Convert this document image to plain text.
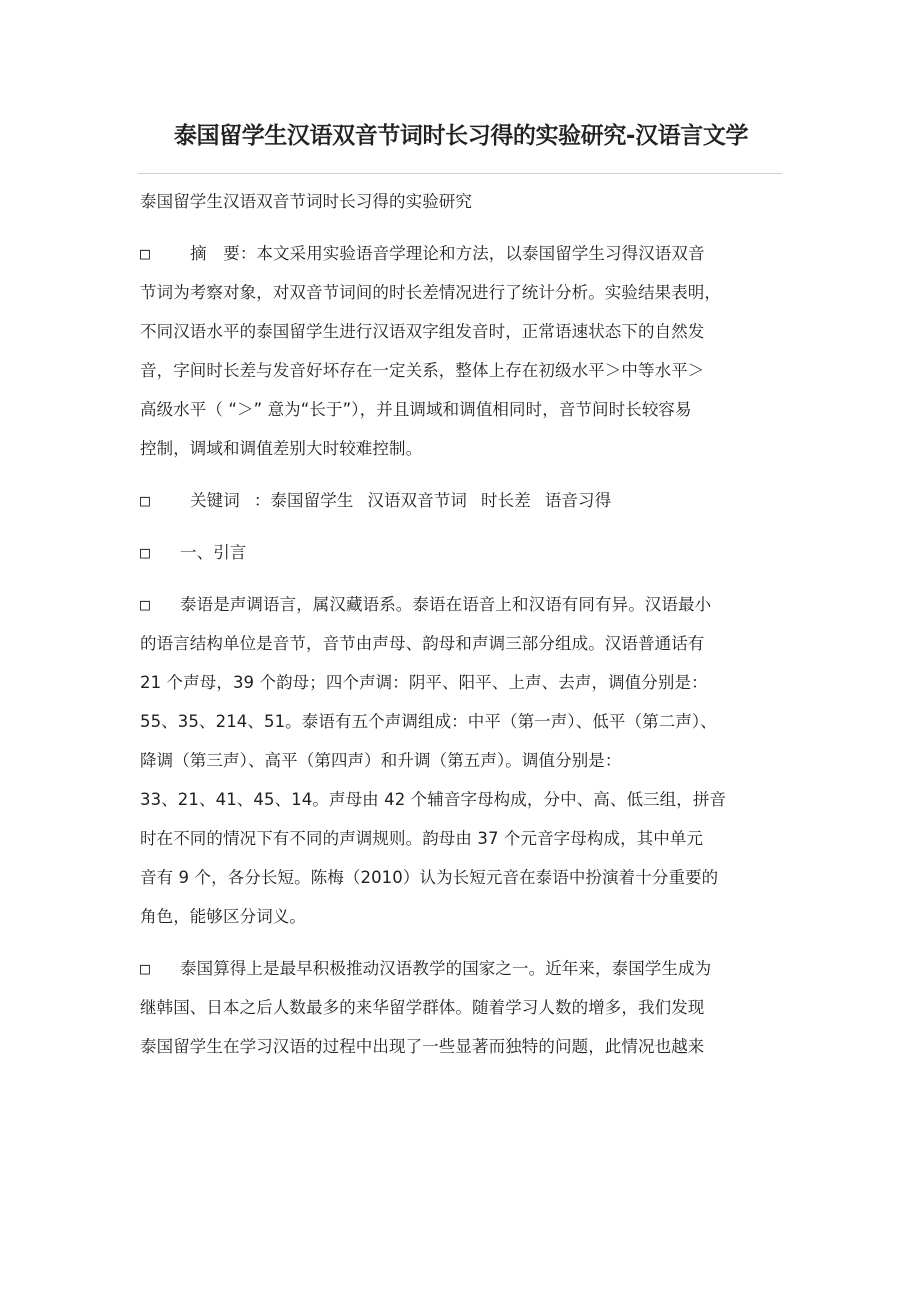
泰国留学生汉语双音节词时长习得的实验研究-汉语言文学
泰国留学生汉语双音节词时长习得的实验研究
□ 摘　要：本文采用实验语音学理论和方法，以泰国留学生习得汉语双音
节词为考察对象，对双音节词间的时长差情况进行了统计分析。实验结果表明，
不同汉语水平的泰国留学生进行汉语双字组发音时，正常语速状态下的自然发
音，字间时长差与发音好坏存在一定关系，整体上存在初级水平＞中等水平＞
高级水平（ “＞” 意为“长于”），并且调域和调值相同时，音节间时长较容易
控制，调域和调值差别大时较难控制。
□ 关键词 ：泰国留学生 汉语双音节词 时长差 语音习得
□ 一、引言
□ 泰语是声调语言，属汉藏语系。泰语在语音上和汉语有同有异。汉语最小
的语言结构单位是音节，音节由声母、韵母和声调三部分组成。汉语普通话有
21 个声母，39 个韵母；四个声调：阴平、阳平、上声、去声，调值分别是：
55、35、214、51。泰语有五个声调组成：中平（第一声）、低平（第二声）、
降调（第三声）、高平（第四声）和升调（第五声）。调值分别是：
33、21、41、45、14。声母由 42 个辅音字母构成，分中、高、低三组，拼音
时在不同的情况下有不同的声调规则。韵母由 37 个元音字母构成，其中单元
音有 9 个，各分长短。陈梅（2010）认为长短元音在泰语中扮演着十分重要的
角色，能够区分词义。
□ 泰国算得上是最早积极推动汉语教学的国家之一。近年来，泰国学生成为
继韩国、日本之后人数最多的来华留学群体。随着学习人数的增多，我们发现
泰国留学生在学习汉语的过程中出现了一些显著而独特的问题，此情况也越来
